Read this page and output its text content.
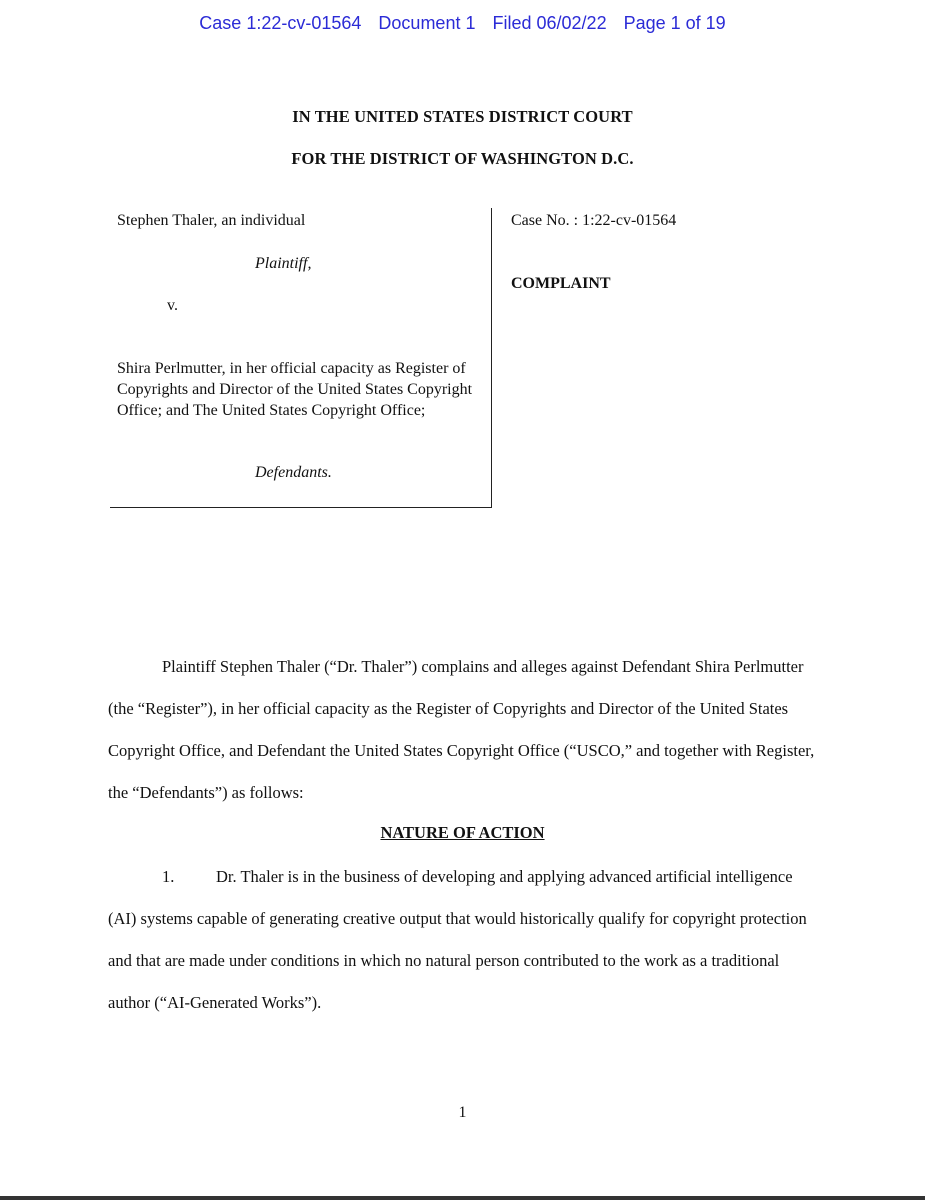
Case 1:22-cv-01564 Document 1 Filed 06/02/22 Page 1 of 19
IN THE UNITED STATES DISTRICT COURT
FOR THE DISTRICT OF WASHINGTON D.C.
Stephen Thaler, an individual
Plaintiff,
v.
Shira Perlmutter, in her official capacity as Register of Copyrights and Director of the United States Copyright Office; and The United States Copyright Office;
Defendants.
Case No. : 1:22-cv-01564
COMPLAINT
Plaintiff Stephen Thaler (“Dr. Thaler”) complains and alleges against Defendant Shira Perlmutter (the “Register”), in her official capacity as the Register of Copyrights and Director of the United States Copyright Office, and Defendant the United States Copyright Office (“USCO,” and together with Register, the “Defendants”) as follows:
NATURE OF ACTION
1.	Dr. Thaler is in the business of developing and applying advanced artificial intelligence (AI) systems capable of generating creative output that would historically qualify for copyright protection and that are made under conditions in which no natural person contributed to the work as a traditional author (“AI-Generated Works”).
1
